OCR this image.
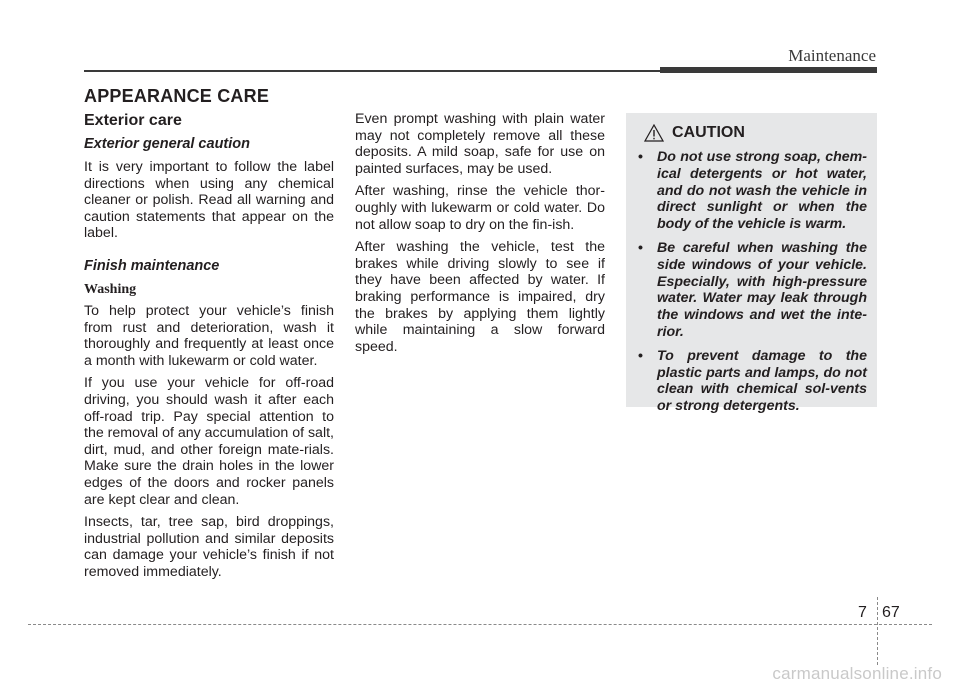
Maintenance
APPEARANCE CARE
Exterior care
Exterior general caution

It is very important to follow the label directions when using any chemical cleaner or polish. Read all warning and caution statements that appear on the label.

Finish maintenance
Washing

To help protect your vehicle’s finish from rust and deterioration, wash it thoroughly and frequently at least once a month with lukewarm or cold water.

If you use your vehicle for off-road driving, you should wash it after each off-road trip. Pay special attention to the removal of any accumulation of salt, dirt, mud, and other foreign mate-rials. Make sure the drain holes in the lower edges of the doors and rocker panels are kept clear and clean.

Insects, tar, tree sap, bird droppings, industrial pollution and similar deposits can damage your vehicle’s finish if not removed immediately.

Even prompt washing with plain water may not completely remove all these deposits. A mild soap, safe for use on painted surfaces, may be used.

After washing, rinse the vehicle thor-oughly with lukewarm or cold water. Do not allow soap to dry on the fin-ish.

After washing the vehicle, test the brakes while driving slowly to see if they have been affected by water. If braking performance is impaired, dry the brakes by applying them lightly while maintaining a slow forward speed.

CAUTION
• Do not use strong soap, chem-ical detergents or hot water, and do not wash the vehicle in direct sunlight or when the body of the vehicle is warm.
• Be careful when washing the side windows of your vehicle. Especially, with high-pressure water. Water may leak through the windows and wet the inte-rior.
• To prevent damage to the plastic parts and lamps, do not clean with chemical sol-vents or strong detergents.
7 67
carmanualsonline.info
